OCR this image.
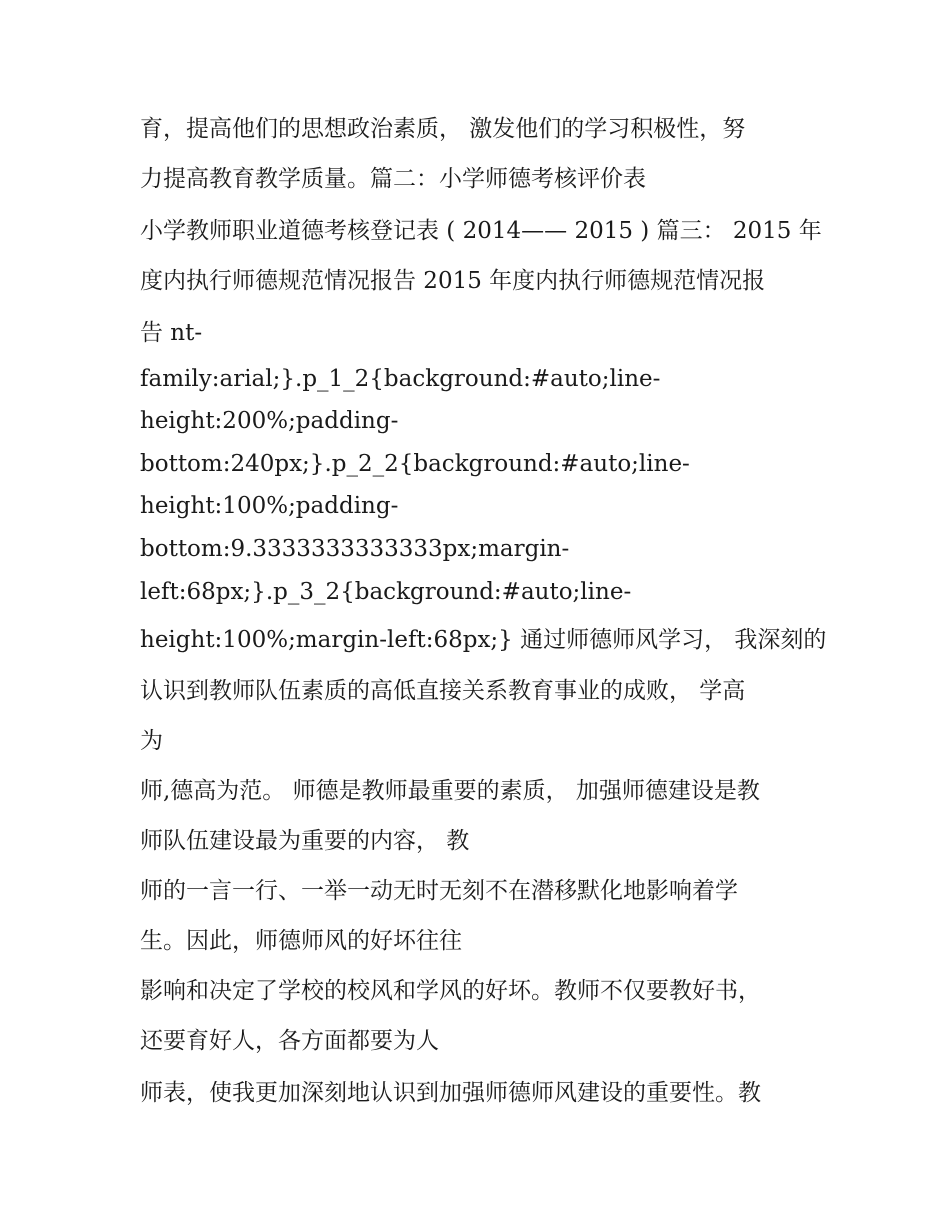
育，提高他们的思想政治素质， 激发他们的学习积极性，努
力提高教育教学质量。篇二：小学师德考核评价表
小学教师职业道德考核登记表 ( 2014—— 2015 ) 篇三： 2015 年
度内执行师德规范情况报告 2015 年度内执行师德规范情况报
告 nt-
family:arial;}.p_1_2{background:#auto;line-
height:200%;padding-
bottom:240px;}.p_2_2{background:#auto;line-
height:100%;padding-
bottom:9.3333333333333px;margin-
left:68px;}.p_3_2{background:#auto;line-
height:100%;margin-left:68px;} 通过师德师风学习， 我深刻的
认识到教师队伍素质的高低直接关系教育事业的成败， 学高
为
师,德高为范。 师德是教师最重要的素质， 加强师德建设是教
师队伍建设最为重要的内容， 教
师的一言一行、一举一动无时无刻不在潜移默化地影响着学
生。因此，师德师风的好坏往往
影响和决定了学校的校风和学风的好坏。教师不仅要教好书，
还要育好人，各方面都要为人
师表，使我更加深刻地认识到加强师德师风建设的重要性。教
